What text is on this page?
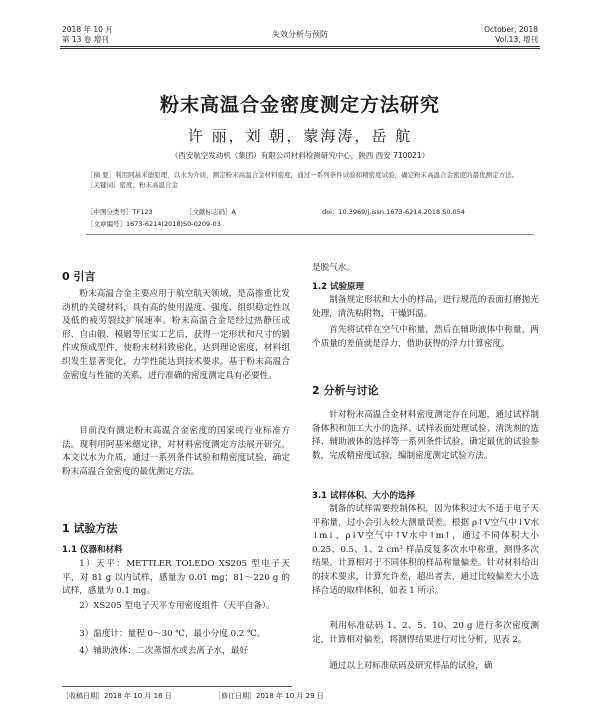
2018 年 10 月
第 13 卷 增刊
失效分析与预防
October, 2018
Vol.13, 增刊
粉末高温合金密度测定方法研究
许 丽，刘 朝，蒙海涛，岳 航
（西安航空发动机（集团）有限公司材料检测研究中心，陕西 西安 710021）
［摘 要］利用阿基米德原理，以水为介质，测定粉末高温合金材料密度，通过一系列条件试验和精密度试验，确定粉末高温合金密度的最优测定方法。
［关键词］密度；粉末高温合金
［中图分类号］TF123	［文献标志码］A	doi：10.3969/j.issn.1673-6214.2018.S0.054
［文章编号］1673-6214(2018)S0-0209-03
0 引言
粉末高温合金主要应用于航空航天领域，是高推重比发动机的关键材料，具有高的使用温度、强度、组织稳定性以及低的疲劳裂纹扩展速率。粉末高温合金是经过热静压成形、自由锻、模锻等压实工艺后，获得一定形状和尺寸的锻件或预成型件，使粉末材料致密化，达到理论密度，材料组织发生显著变化，力学性能达到技术要求。基于粉末高温合金密度与性能的关系，进行准确的密度测定具有必要性。
目前没有测定粉末高温合金密度的国家或行业标准方法。现利用阿基米德定律，对材料密度测定方法展开研究。本文以水为介质，通过一系列条件试验和精密度试验，确定粉末高温合金密度的最优测定方法。
1 试验方法
1.1 仪器和材料
1）天平：METTLER TOLEDO XS205 型电子天平，对 81 g 以内试样，感量为 0.01 mg；81～220 g 的试样，感量为 0.1 mg。
2）XS205 型电子天平专用密度组件（天平自备）。
3）温度计：量程 0～30 ℃，最小分度 0.2 ℃。
4）辅助液体：二次蒸馏水或去离子水，最好
是脱气水。
1.2 试验原理
制备规定形状和大小的样品，进行规范的表面打磨抛光处理，清洗粘附物，干燥饵温。
首先将试样在空气中称量，然后在辅助液体中称量，两个质量的差值就是浮力，借助获得的浮力计算密度。
2 分析与讨论
针对粉末高温合金材料密度测定存在问题，通过试样制备体积和加工大小的选择、试样表面处理试验、清洗剂的选择、辅助液体的选择等一系列条件试验，确定最优的试验参数，完成精密度试验，编制密度测定试验方法。
3.1 试样体积、大小的选择
制备的试样需要控制体积，因为体积过大不适于电子天平称量，过小会引入较大测量误差。根据 ρ↑V空气中↓V水↓m↓，ρ↓V空气中↑V水中↑m↑，通过不同体积大小 0.25、0.5、1、2 cm³ 样品反复多次水中称重，测得多次结果，计算相对于不同体积的样品称量偏差。针对材料给出的技术要求，计算允许差，超出者去，通过比较偏差大小选择合适的取样体积，如表 1 所示。
利用标准砝码 1、2、5、10、20 g 进行多次密度测定，计算相对偏差，将测得结果进行对比分析，见表 2。
通过以上对标准砝码及研究样品的试验，确
［收稿日期］2018 年 10 月 16 日	［修订日期］2018 年 10 月 29 日
